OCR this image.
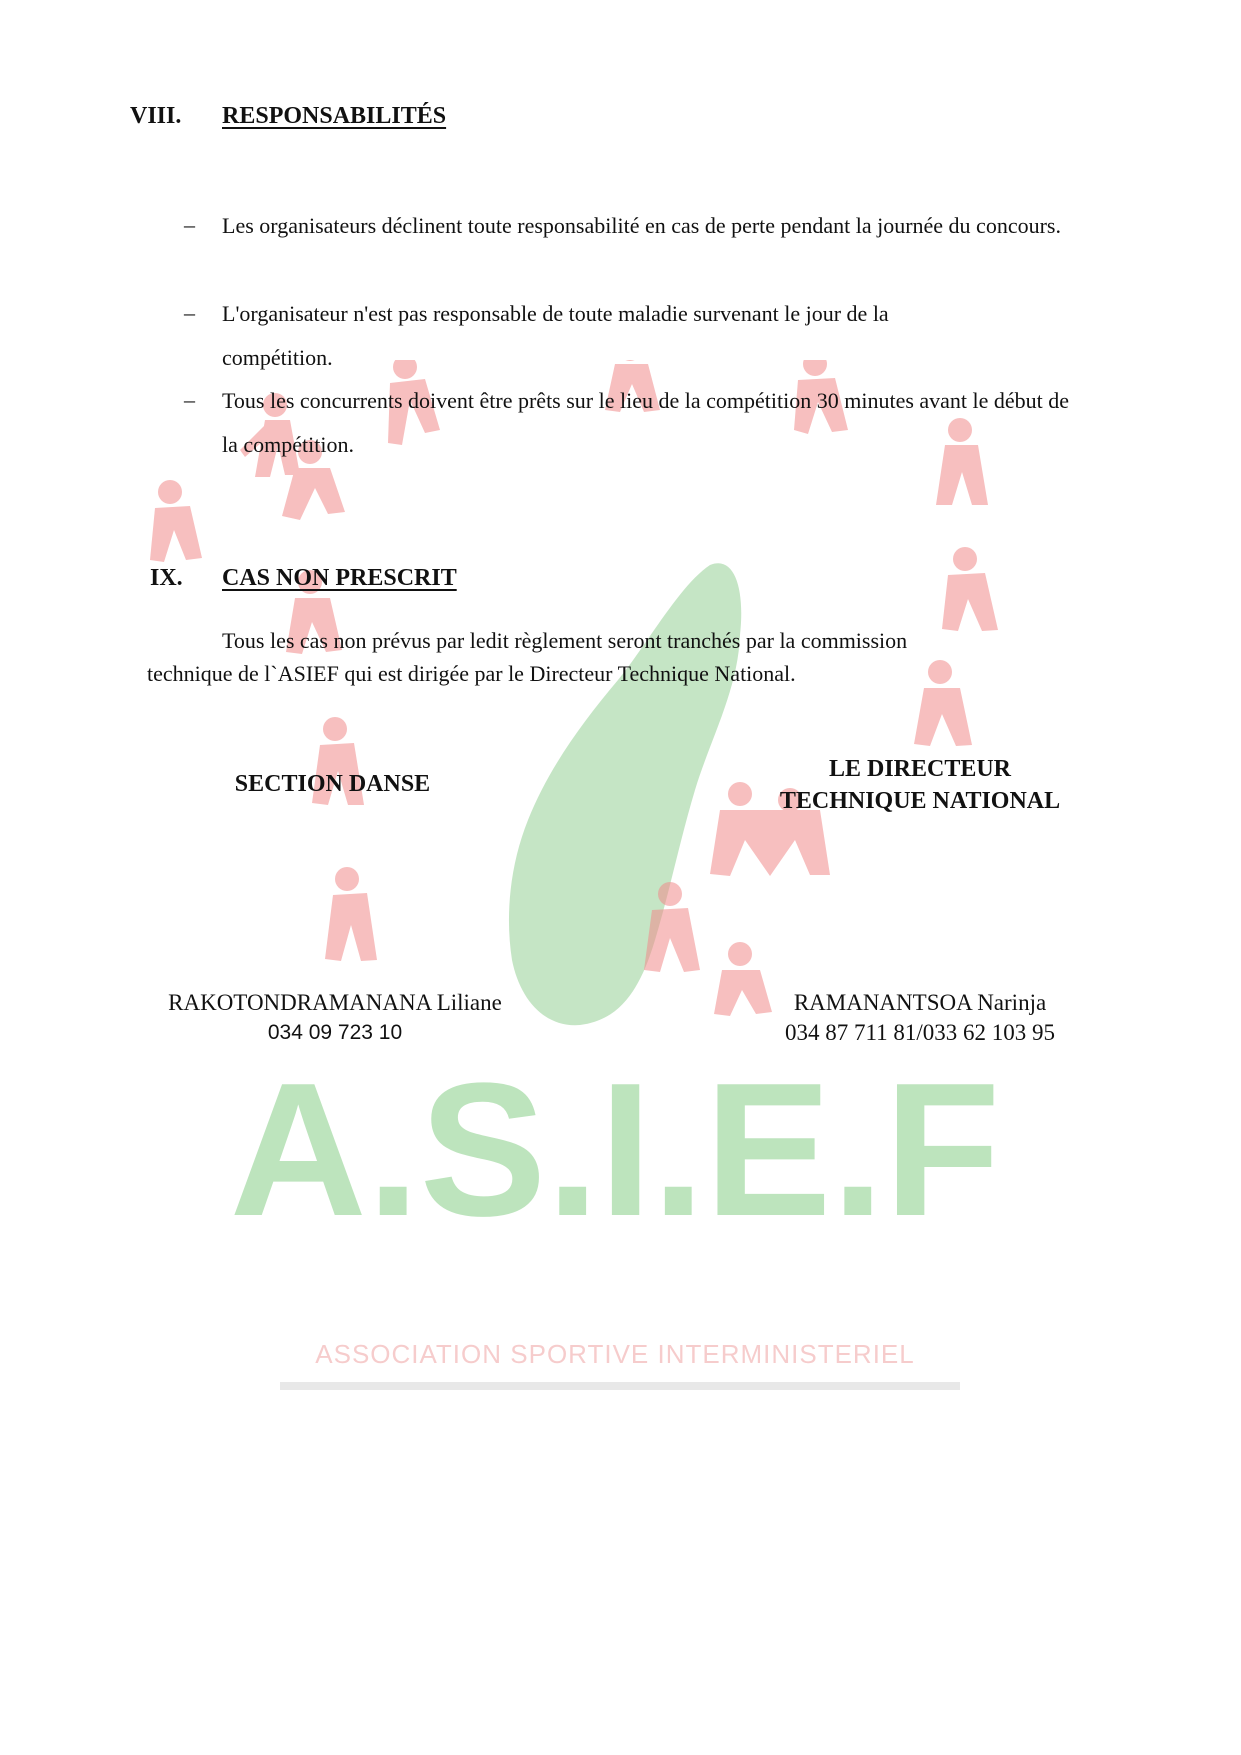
A.S.I.E.F
ASSOCIATION SPORTIVE INTERMINISTERIEL
VIII. RESPONSABILITÉS
– Les organisateurs déclinent toute responsabilité en cas de perte pendant la journée du concours.
– L'organisateur n'est pas responsable de toute maladie survenant le jour de la compétition.
– Tous les concurrents doivent être prêts sur le lieu de la compétition 30 minutes avant le début de la compétition.
IX. CAS NON PRESCRIT
Tous les cas non prévus par ledit règlement seront tranchés par la commission
technique de l`ASIEF qui est dirigée par le Directeur Technique National.
SECTION DANSE
LE DIRECTEUR
TECHNIQUE NATIONAL
RAKOTONDRAMANANA Liliane
034 09 723 10
RAMANANTSOA Narinja
034 87 711 81/033 62 103 95
